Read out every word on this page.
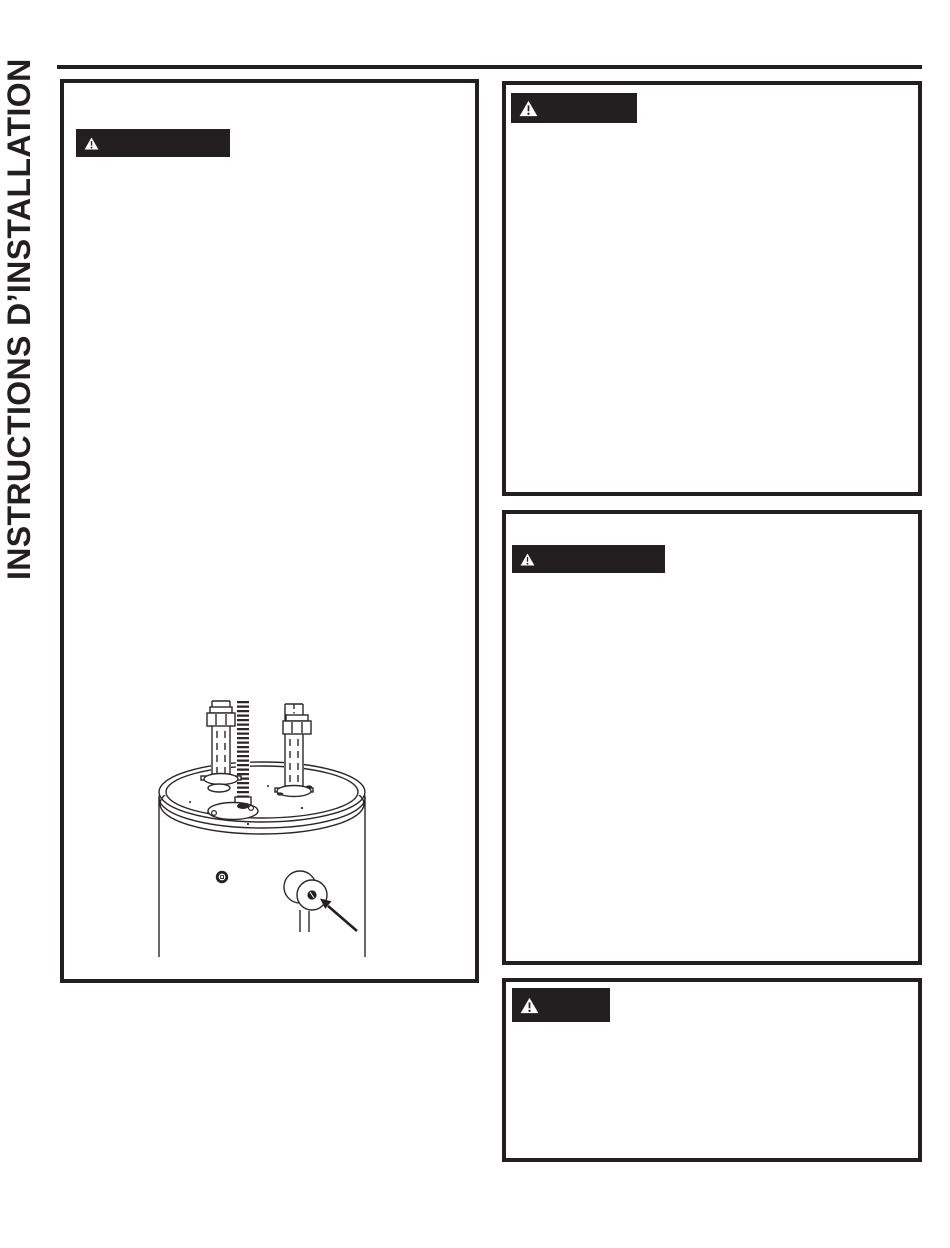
INSTRUCTIONS D’INSTALLATION
